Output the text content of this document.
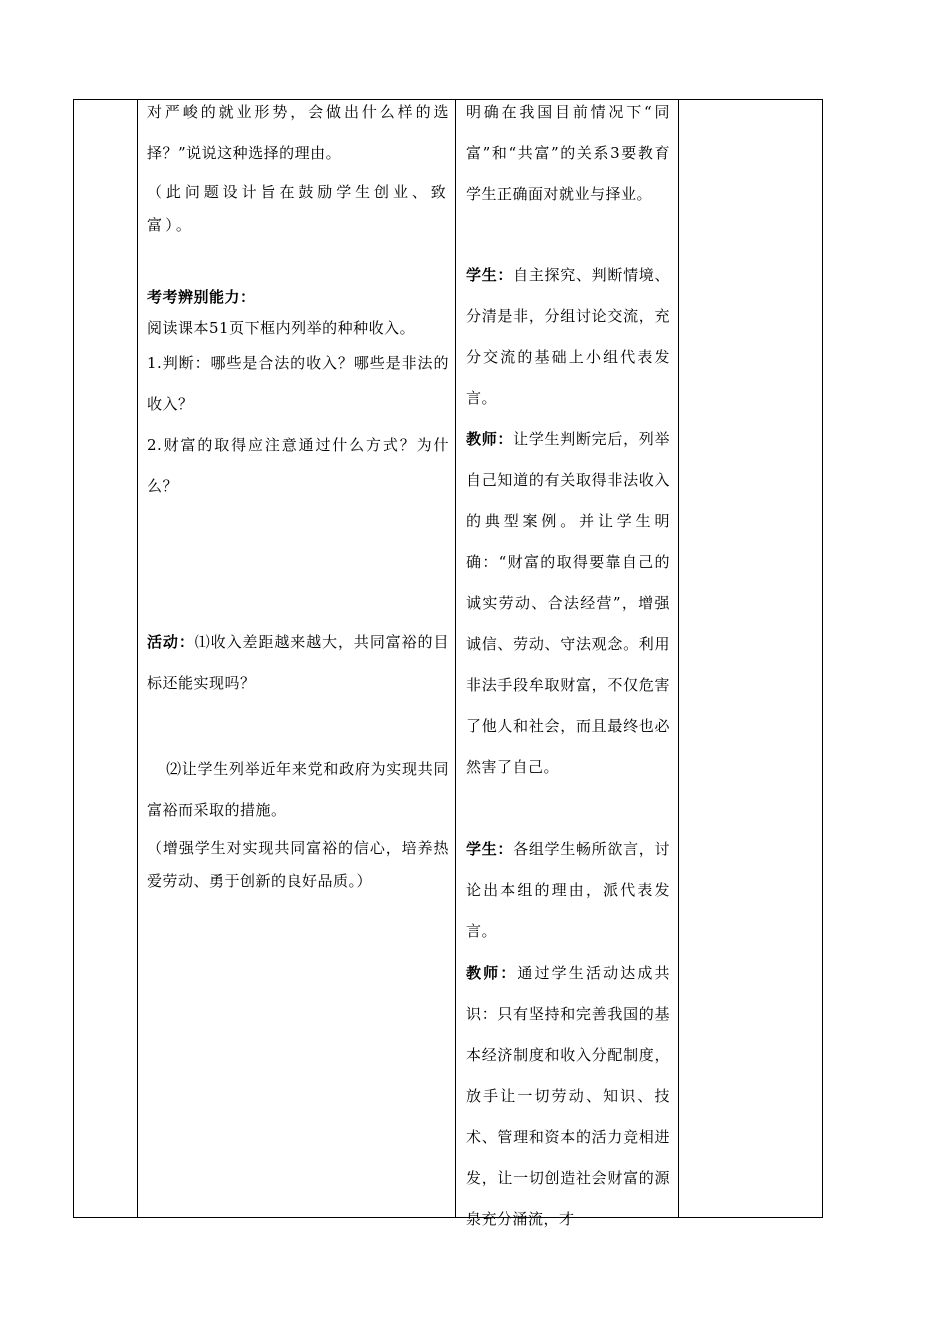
对严峻的就业形势，会做出什么样的选择？”说说这种选择的理由。

（此问题设计旨在鼓励学生创业、致富）。

考考辨别能力：

阅读课本51页下框内列举的种种收入。

1.判断：哪些是合法的收入？哪些是非法的收入？

2.财富的取得应注意通过什么方式？为什么？

活动：⑴收入差距越来越大，共同富裕的目标还能实现吗？

⑵让学生列举近年来党和政府为实现共同富裕而采取的措施。

（增强学生对实现共同富裕的信心，培养热爱劳动、勇于创新的良好品质。）

明确在我国目前情况下“同富”和“共富”的关系3要教育学生正确面对就业与择业。

学生：自主探究、判断情境、分清是非，分组讨论交流，充分交流的基础上小组代表发言。

教师：让学生判断完后，列举自己知道的有关取得非法收入的典型案例。并让学生明确：“财富的取得要靠自己的诚实劳动、合法经营”，增强诚信、劳动、守法观念。利用非法手段牟取财富，不仅危害了他人和社会，而且最终也必然害了自己。

学生：各组学生畅所欲言，讨论出本组的理由，派代表发言。

教师：通过学生活动达成共识：只有坚持和完善我国的基本经济制度和收入分配制度，放手让一切劳动、知识、技术、管理和资本的活力竞相进发，让一切创造社会财富的源泉充分涌流，才
